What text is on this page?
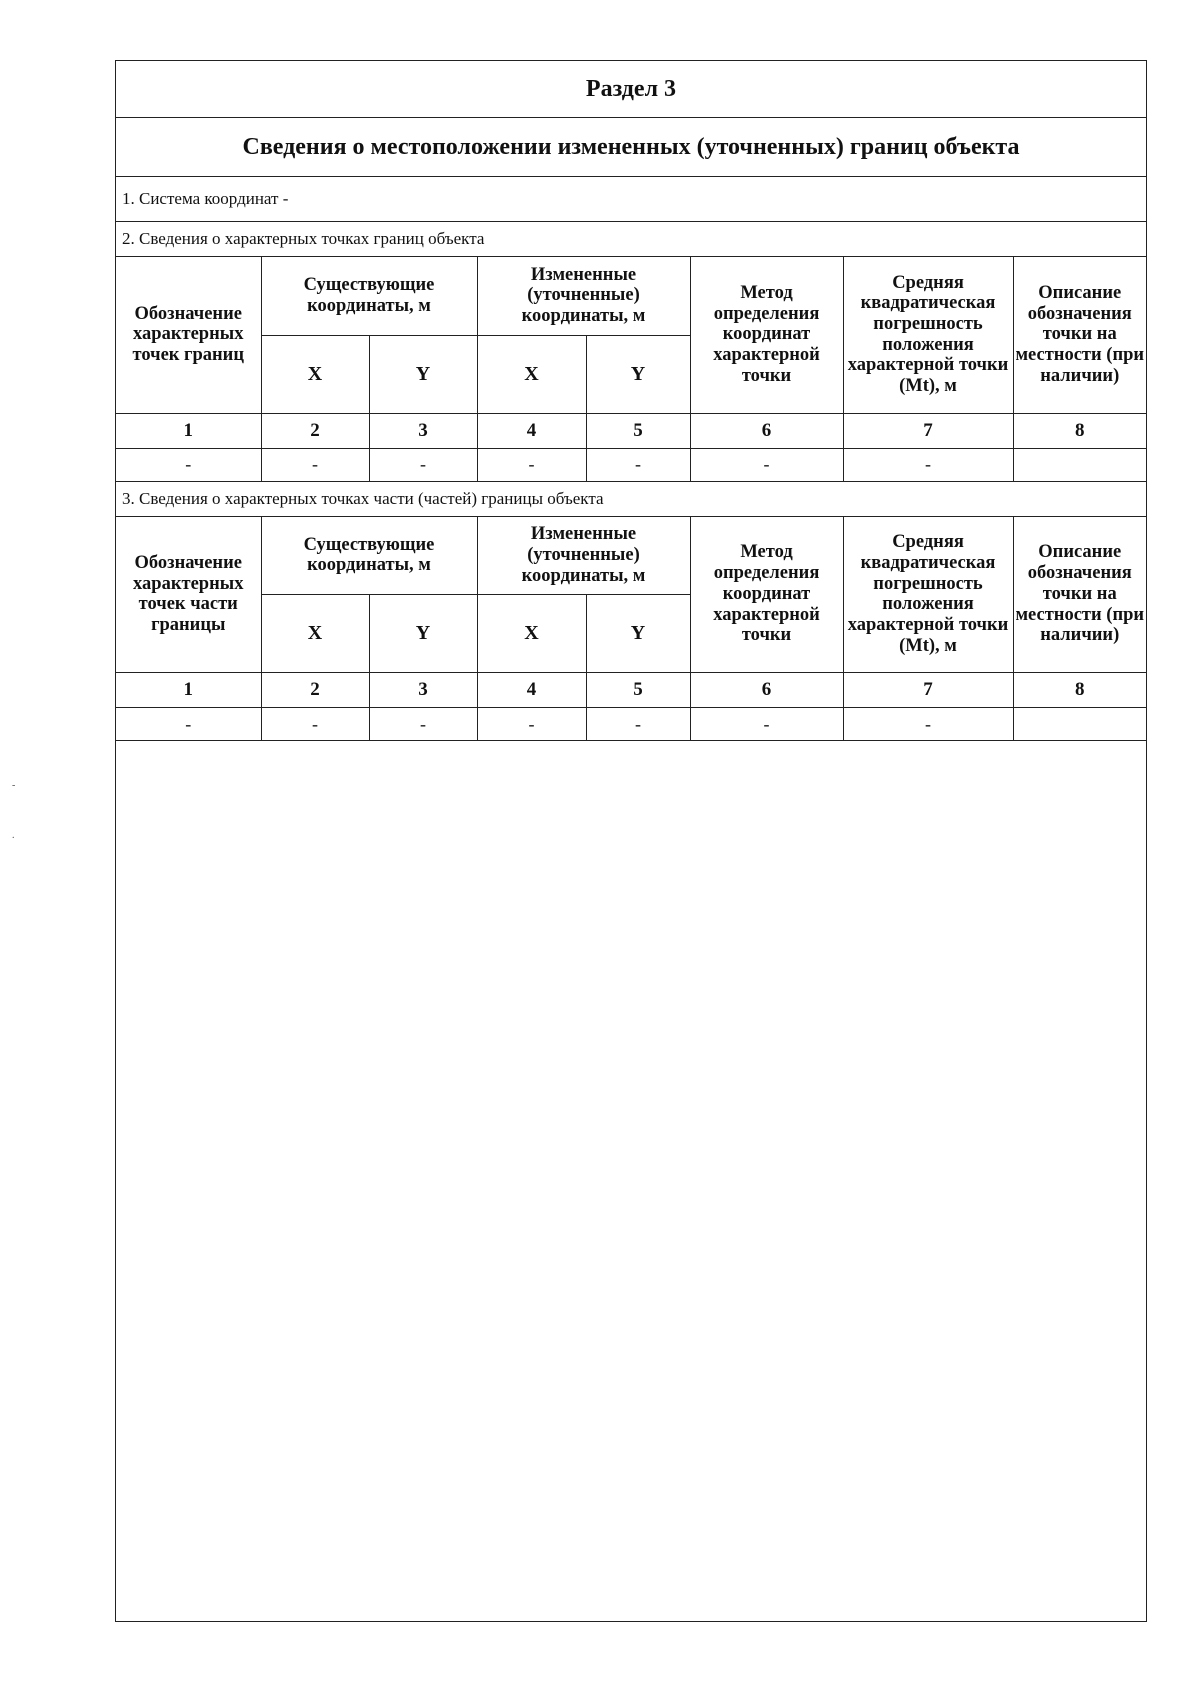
Раздел 3
Сведения о местоположении измененных (уточненных) границ объекта
1. Система координат -
2. Сведения о характерных точках границ объекта
Обозначение характерных точек границ	Существующие координаты, м		Измененные (уточненные) координаты, м		Метод определения координат характерной точки	Средняя квадратическая погрешность положения характерной точки (Mt), м	Описание обозначения точки на местности (при наличии)
	X	Y	X	Y			
1	2	3	4	5	6	7	8
-	-	-	-	-	-	-	
3. Сведения о характерных точках части (частей) границы объекта
Обозначение характерных точек части границы	Существующие координаты, м		Измененные (уточненные) координаты, м		Метод определения координат характерной точки	Средняя квадратическая погрешность положения характерной точки (Mt), м	Описание обозначения точки на местности (при наличии)
	X	Y	X	Y			
1	2	3	4	5	6	7	8
-	-	-	-	-	-	-	
-
.
